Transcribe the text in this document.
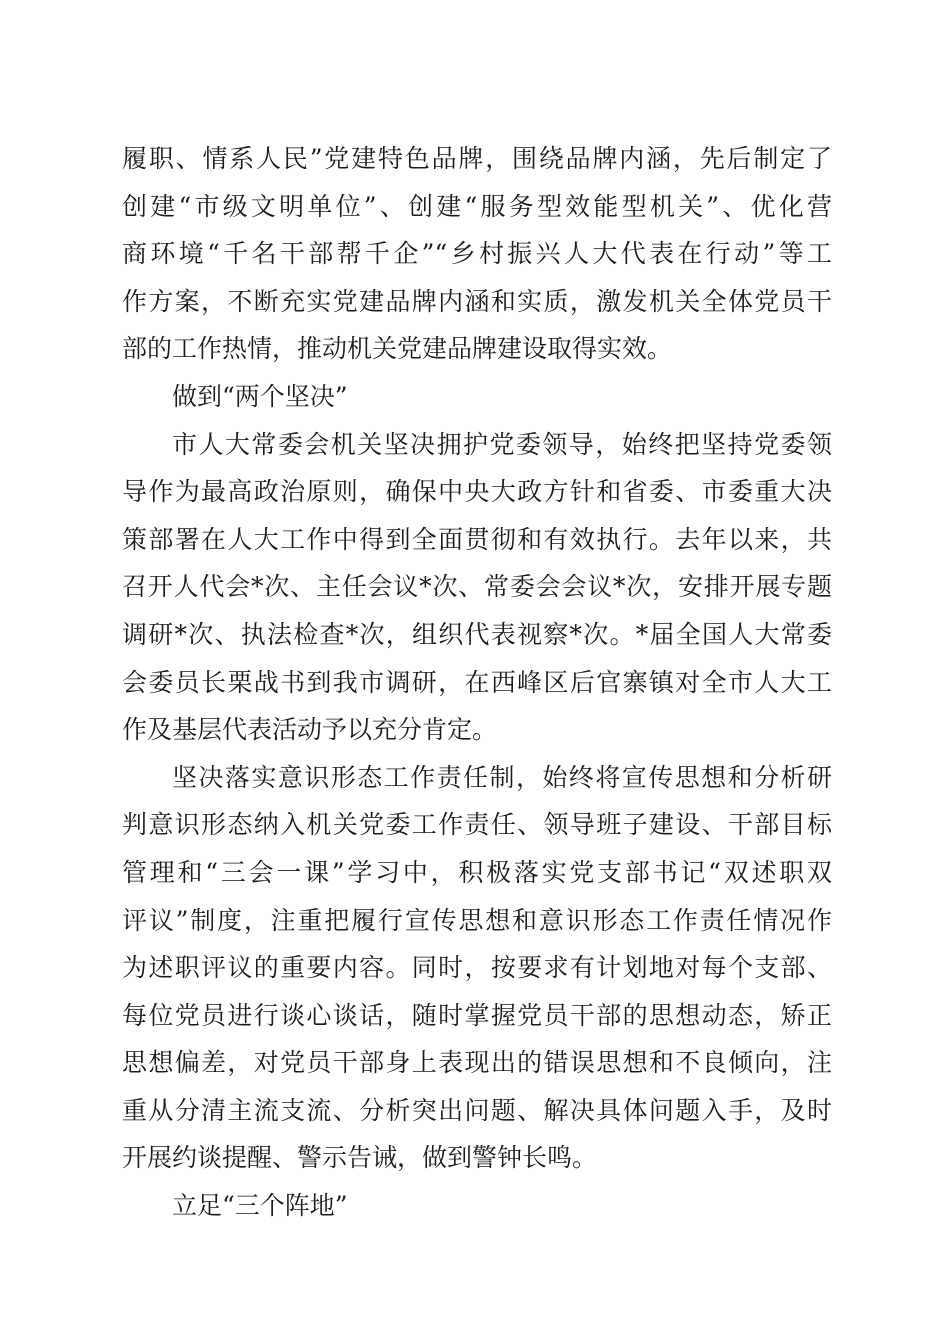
履职、情系人民”党建特色品牌，围绕品牌内涵，先后制定了
创建“市级文明单位”、创建“服务型效能型机关”、优化营
商环境“千名干部帮千企”“乡村振兴人大代表在行动”等工
作方案，不断充实党建品牌内涵和实质，激发机关全体党员干
部的工作热情，推动机关党建品牌建设取得实效。
做到“两个坚决”
市人大常委会机关坚决拥护党委领导，始终把坚持党委领
导作为最高政治原则，确保中央大政方针和省委、市委重大决
策部署在人大工作中得到全面贯彻和有效执行。去年以来，共
召开人代会*次、主任会议*次、常委会会议*次，安排开展专题
调研*次、执法检查*次，组织代表视察*次。*届全国人大常委
会委员长栗战书到我市调研，在西峰区后官寨镇对全市人大工
作及基层代表活动予以充分肯定。
坚决落实意识形态工作责任制，始终将宣传思想和分析研
判意识形态纳入机关党委工作责任、领导班子建设、干部目标
管理和“三会一课”学习中，积极落实党支部书记“双述职双
评议”制度，注重把履行宣传思想和意识形态工作责任情况作
为述职评议的重要内容。同时，按要求有计划地对每个支部、
每位党员进行谈心谈话，随时掌握党员干部的思想动态，矫正
思想偏差，对党员干部身上表现出的错误思想和不良倾向，注
重从分清主流支流、分析突出问题、解决具体问题入手，及时
开展约谈提醒、警示告诫，做到警钟长鸣。
立足“三个阵地”
